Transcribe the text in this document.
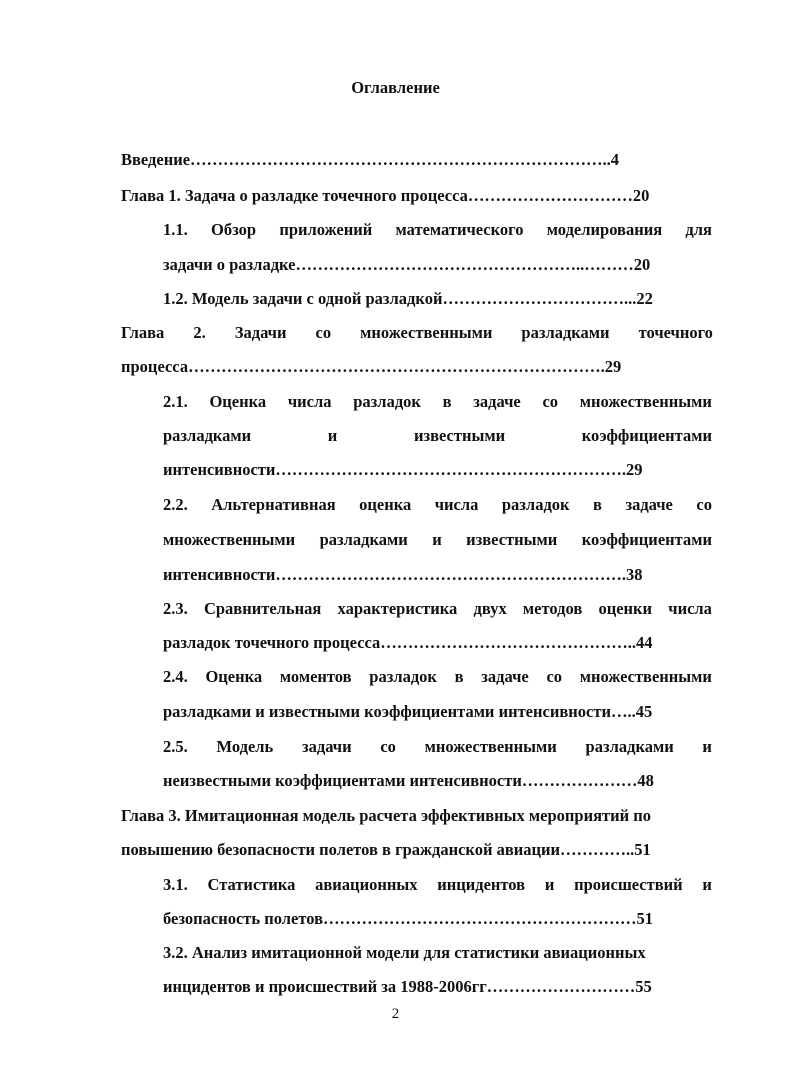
Оглавление
Введение…………………………………………………………………..4
Глава 1. Задача о разладке точечного процесса…………………………20
1.1. Обзор приложений математического моделирования для
задачи о разладке……………………………………………..………20
1.2. Модель задачи с одной разладкой……………………………...22
Глава 2. Задачи со множественными разладками точечного
процесса………………………………………………………………….29
2.1. Оценка числа разладок в задаче со множественными
разладками	и	известными	коэффициентами
интенсивности……………………………………………………….29
2.2. Альтернативная оценка числа разладок в задаче со
множественными разладками и известными коэффициентами
интенсивности……………………………………………………….38
2.3. Сравнительная характеристика двух методов оценки числа
разладок точечного процесса………………………………………..44
2.4. Оценка моментов разладок в задаче со множественными
разладками и известными коэффициентами интенсивности…..45
2.5. Модель задачи со множественными разладками и
неизвестными коэффициентами интенсивности…………………48
Глава 3. Имитационная модель расчета эффективных мероприятий по
повышению безопасности полетов в гражданской авиации…………..51
3.1. Статистика авиационных инцидентов и происшествий и
безопасность полетов…………………………………………………51
3.2. Анализ имитационной модели для статистики авиационных
инцидентов и происшествий за 1988-2006гг………………………55
2
